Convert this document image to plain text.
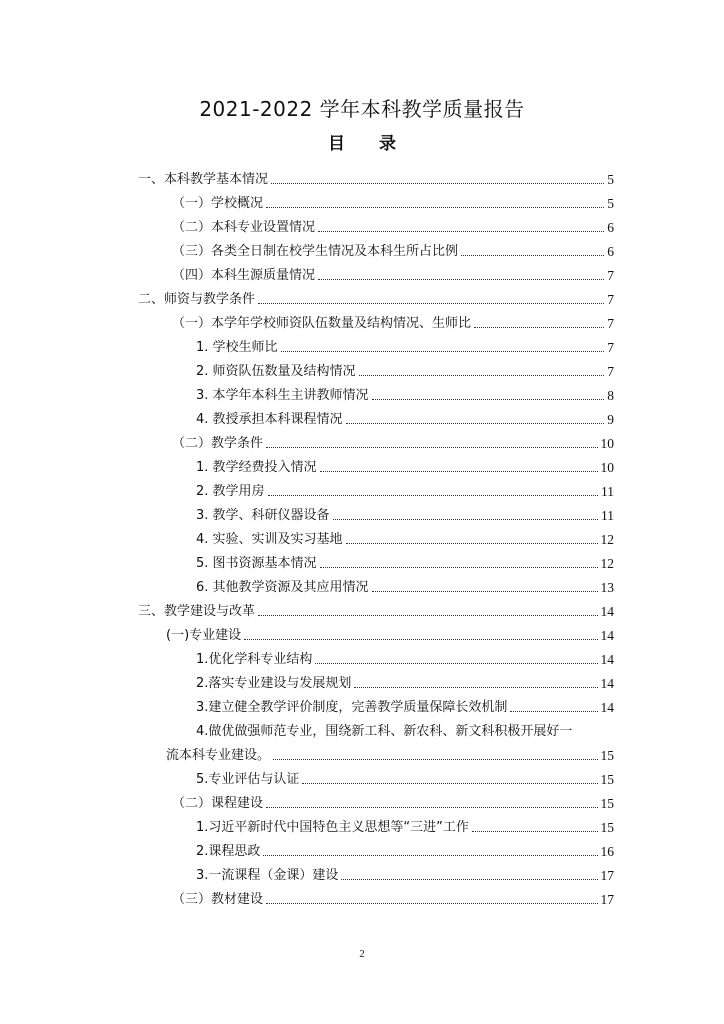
2021-2022 学年本科教学质量报告
目 录
一、本科教学基本情况	5
（一）学校概况	5
（二）本科专业设置情况	6
（三）各类全日制在校学生情况及本科生所占比例	6
（四）本科生源质量情况	7
二、师资与教学条件	7
（一）本学年学校师资队伍数量及结构情况、生师比	7
1. 学校生师比	7
2. 师资队伍数量及结构情况	7
3. 本学年本科生主讲教师情况	8
4. 教授承担本科课程情况	9
（二）教学条件	10
1. 教学经费投入情况	10
2. 教学用房	11
3. 教学、科研仪器设备	11
4. 实验、实训及实习基地	12
5. 图书资源基本情况	12
6. 其他教学资源及其应用情况	13
三、教学建设与改革	14
(一)专业建设	14
1.优化学科专业结构	14
2.落实专业建设与发展规划	14
3.建立健全教学评价制度，完善教学质量保障长效机制	14
4.做优做强师范专业，围绕新工科、新农科、新文科积极开展好一
流本科专业建设。	15
5.专业评估与认证	15
（二）课程建设	15
1.习近平新时代中国特色主义思想等“三进”工作	15
2.课程思政	16
3.一流课程（金课）建设	17
（三）教材建设	17
2
